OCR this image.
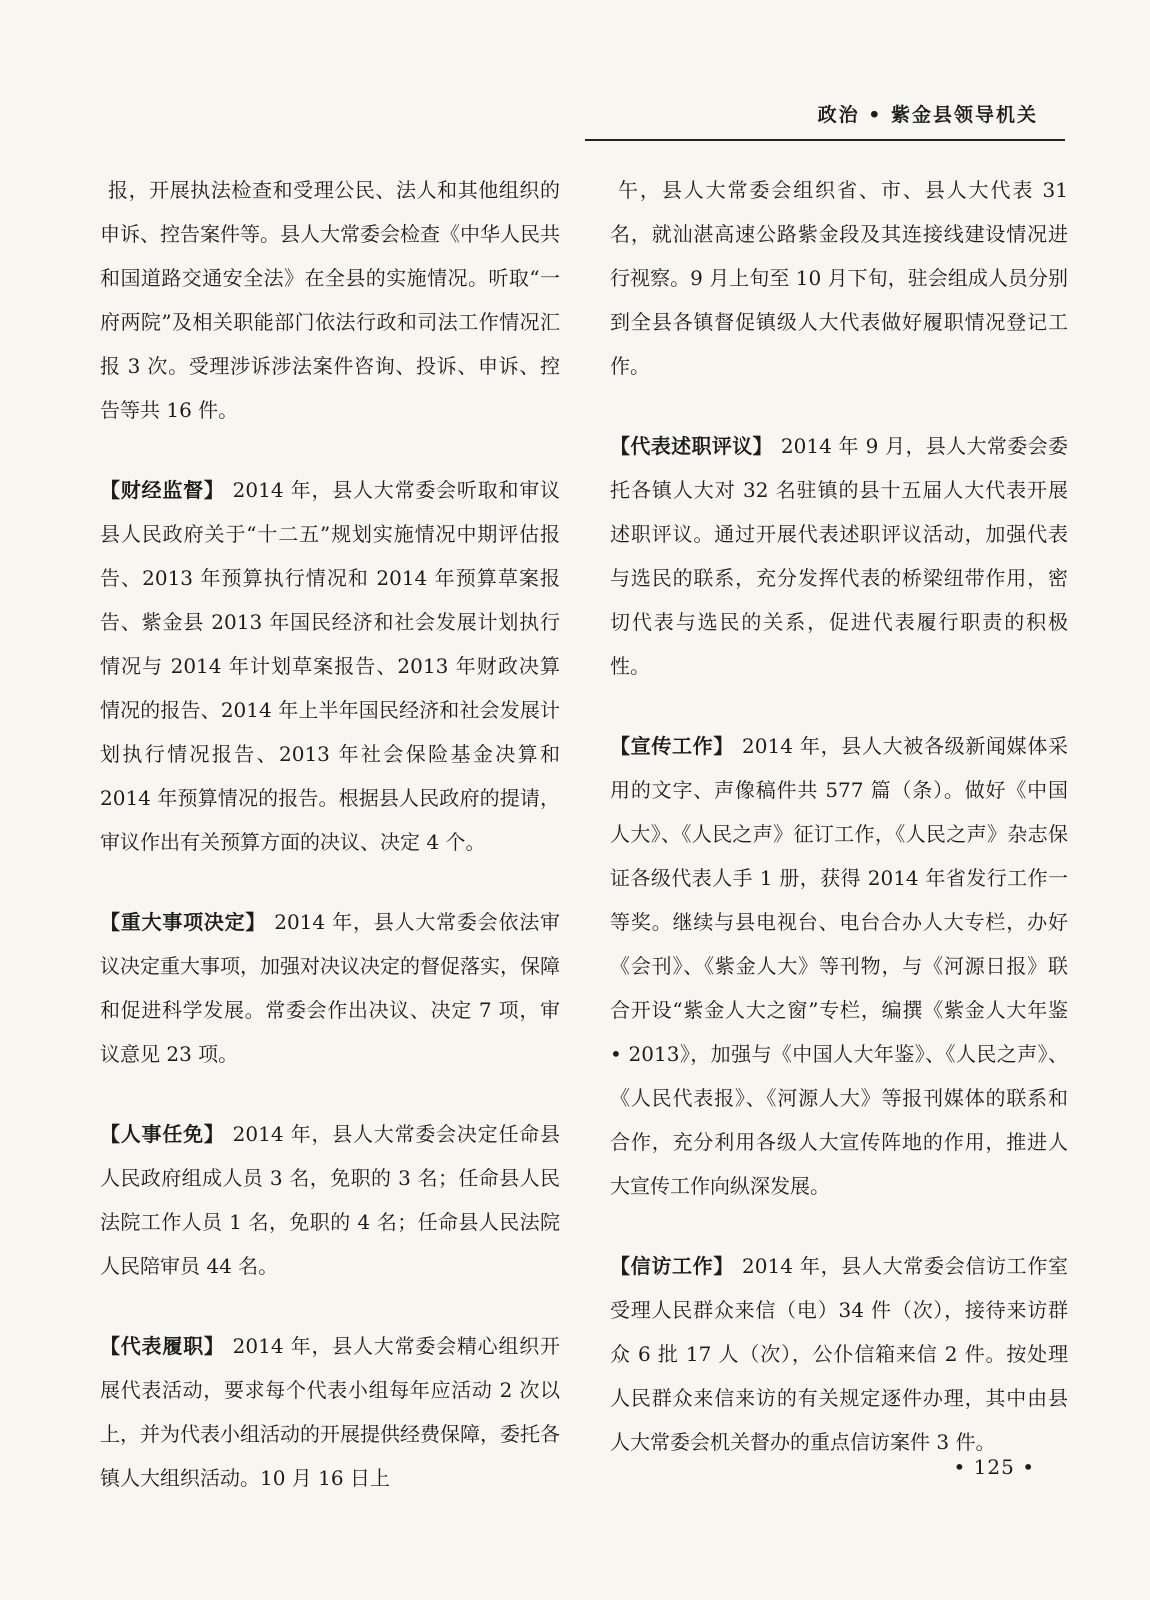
政治 • 紫金县领导机关

报，开展执法检查和受理公民、法人和其他组织的申诉、控告案件等。县人大常委会检查《中华人民共和国道路交通安全法》在全县的实施情况。听取“一府两院”及相关职能部门依法行政和司法工作情况汇报 3 次。受理涉诉涉法案件咨询、投诉、申诉、控告等共 16 件。

【财经监督】 2014 年，县人大常委会听取和审议县人民政府关于“十二五”规划实施情况中期评估报告、2013 年预算执行情况和 2014 年预算草案报告、紫金县 2013 年国民经济和社会发展计划执行情况与 2014 年计划草案报告、2013 年财政决算情况的报告、2014 年上半年国民经济和社会发展计划执行情况报告、2013 年社会保险基金决算和 2014 年预算情况的报告。根据县人民政府的提请，审议作出有关预算方面的决议、决定 4 个。

【重大事项决定】 2014 年，县人大常委会依法审议决定重大事项，加强对决议决定的督促落实，保障和促进科学发展。常委会作出决议、决定 7 项，审议意见 23 项。

【人事任免】 2014 年，县人大常委会决定任命县人民政府组成人员 3 名，免职的 3 名；任命县人民法院工作人员 1 名，免职的 4 名；任命县人民法院人民陪审员 44 名。

【代表履职】 2014 年，县人大常委会精心组织开展代表活动，要求每个代表小组每年应活动 2 次以上，并为代表小组活动的开展提供经费保障，委托各镇人大组织活动。10 月 16 日上

午，县人大常委会组织省、市、县人大代表 31 名，就汕湛高速公路紫金段及其连接线建设情况进行视察。9 月上旬至 10 月下旬，驻会组成人员分别到全县各镇督促镇级人大代表做好履职情况登记工作。

【代表述职评议】 2014 年 9 月，县人大常委会委托各镇人大对 32 名驻镇的县十五届人大代表开展述职评议。通过开展代表述职评议活动，加强代表与选民的联系，充分发挥代表的桥梁纽带作用，密切代表与选民的关系，促进代表履行职责的积极性。

【宣传工作】 2014 年，县人大被各级新闻媒体采用的文字、声像稿件共 577 篇（条）。做好《中国人大》、《人民之声》征订工作，《人民之声》杂志保证各级代表人手 1 册，获得 2014 年省发行工作一等奖。继续与县电视台、电台合办人大专栏，办好《会刊》、《紫金人大》等刊物，与《河源日报》联合开设“紫金人大之窗”专栏，编撰《紫金人大年鉴 • 2013》，加强与《中国人大年鉴》、《人民之声》、《人民代表报》、《河源人大》等报刊媒体的联系和合作，充分利用各级人大宣传阵地的作用，推进人大宣传工作向纵深发展。

【信访工作】 2014 年，县人大常委会信访工作室受理人民群众来信（电）34 件（次），接待来访群众 6 批 17 人（次），公仆信箱来信 2 件。按处理人民群众来信来访的有关规定逐件办理，其中由县人大常委会机关督办的重点信访案件 3 件。

• 125 •
